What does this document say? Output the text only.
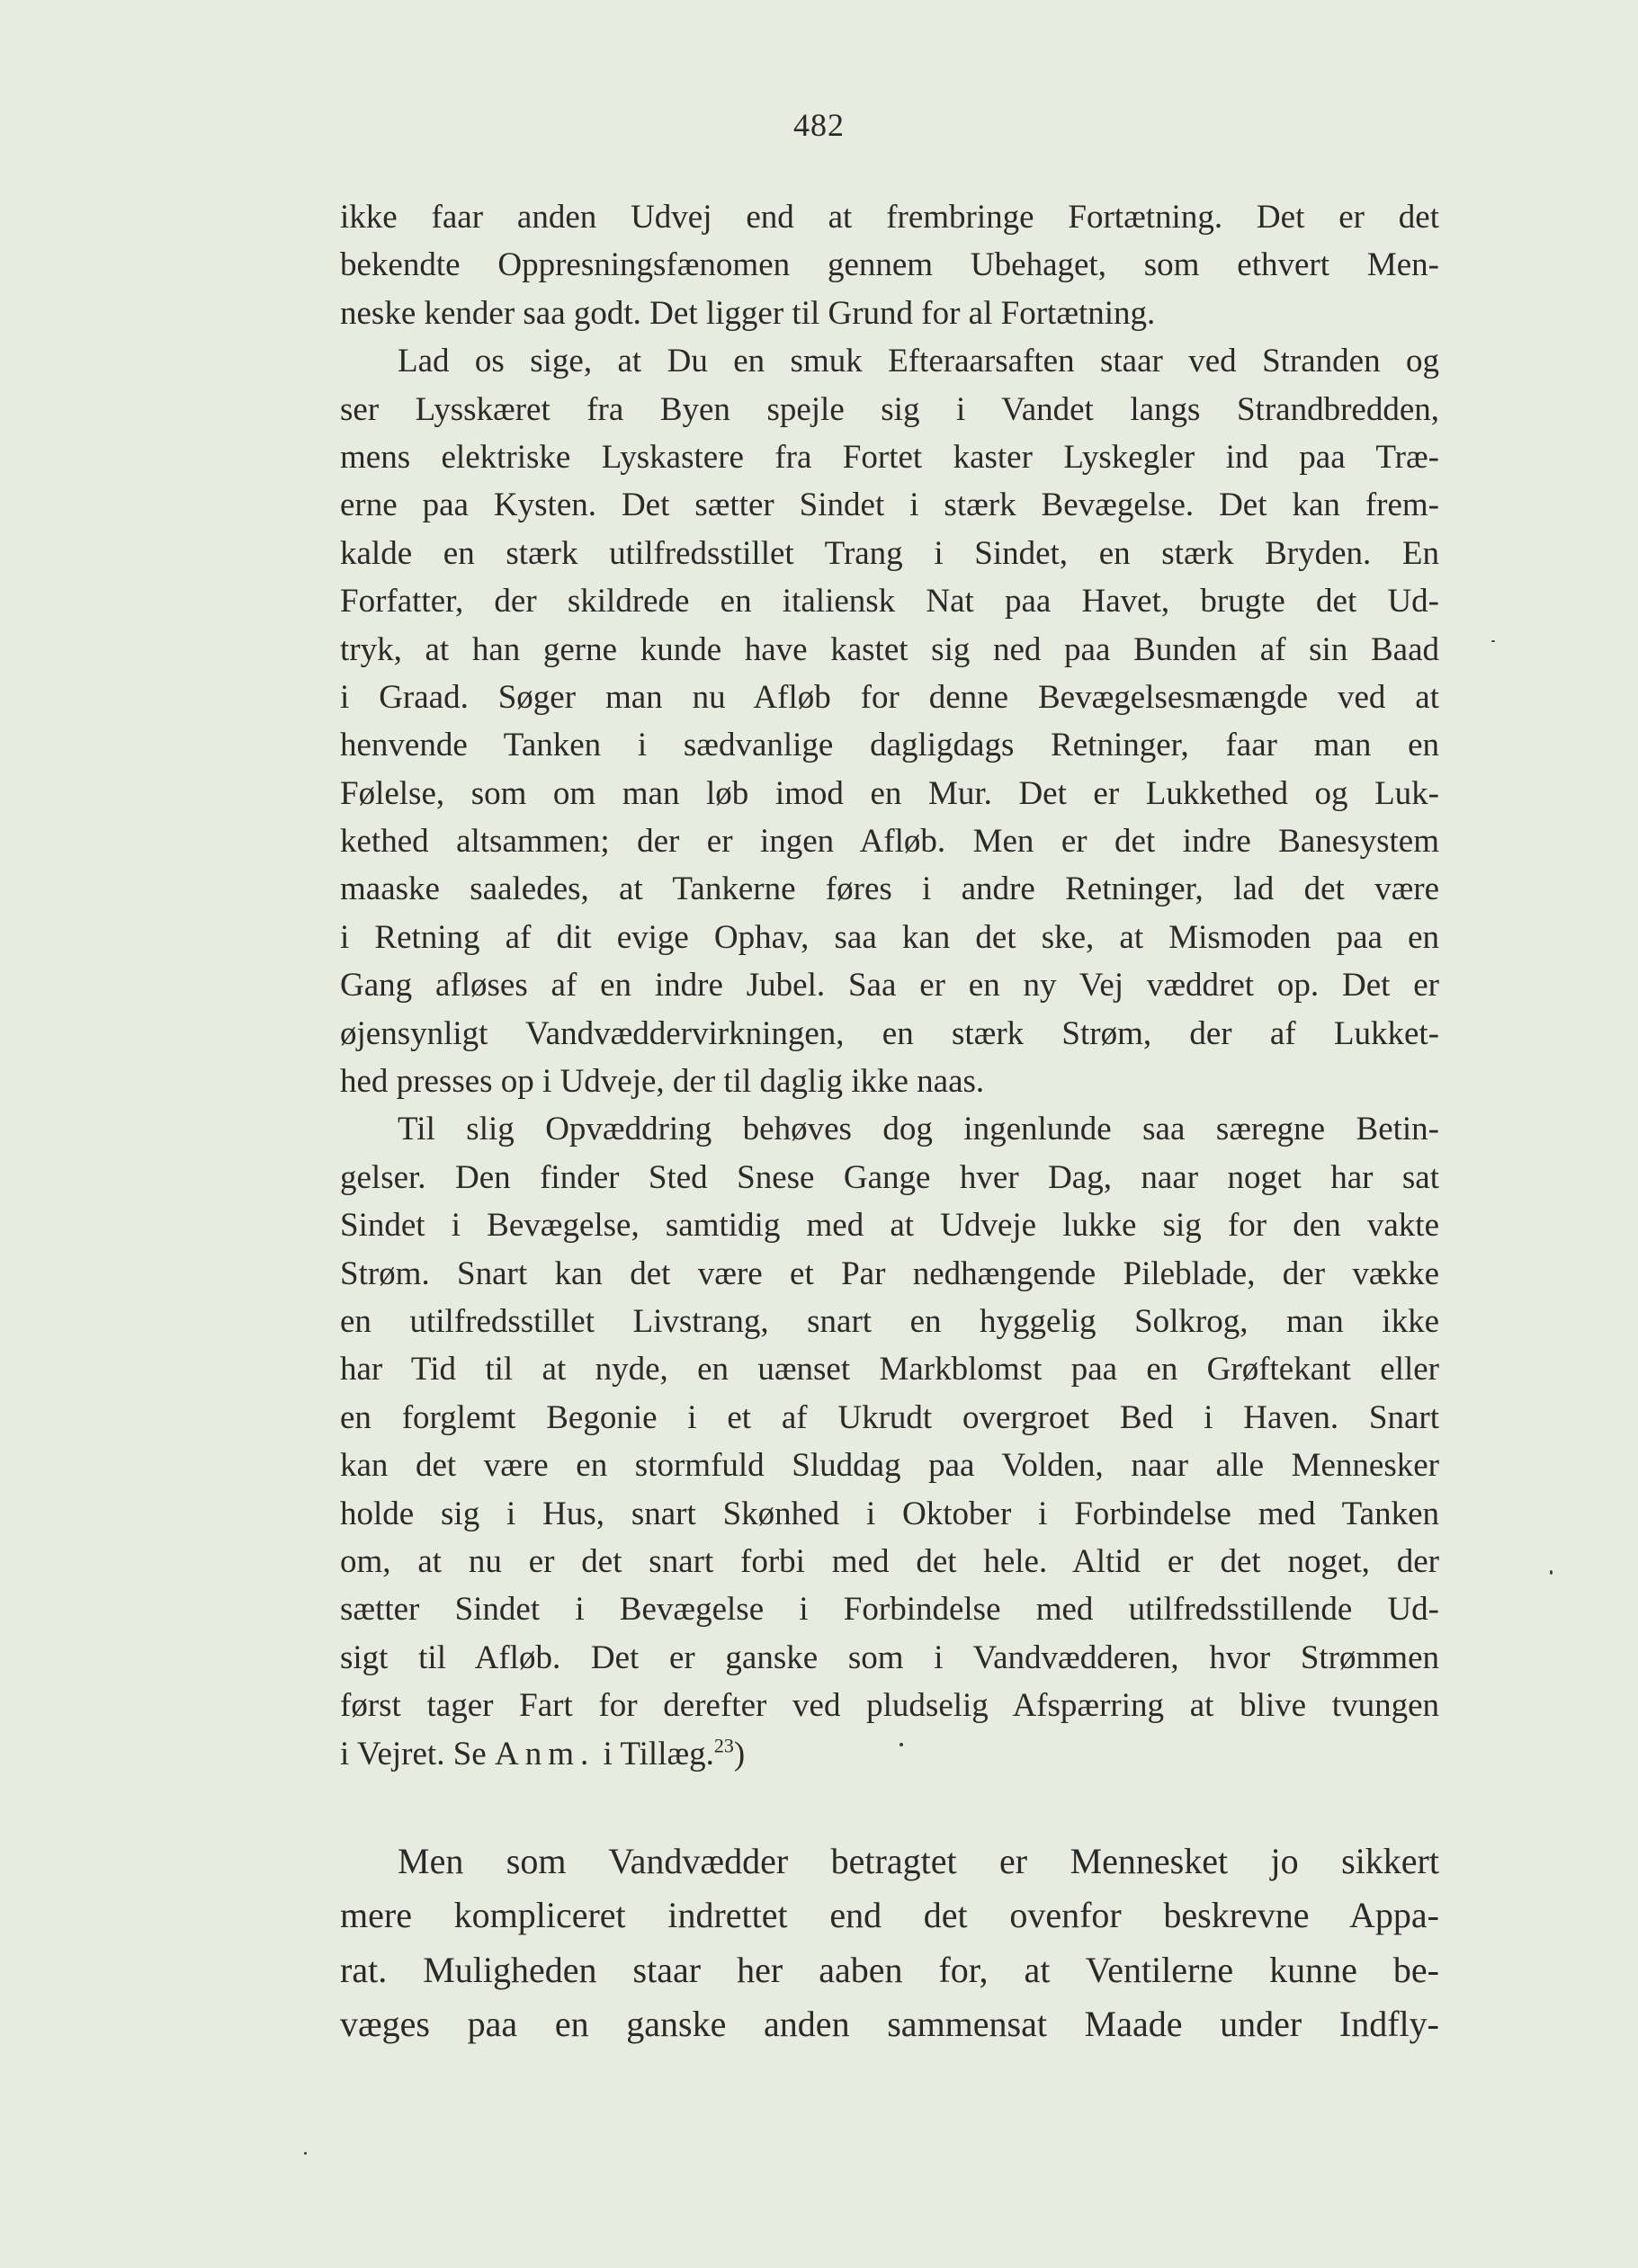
482
ikke faar anden Udvej end at frembringe Fortætning. Det er det
bekendte Oppresningsfænomen gennem Ubehaget, som ethvert Men-
neske kender saa godt. Det ligger til Grund for al Fortætning.
Lad os sige, at Du en smuk Efteraarsaften staar ved Stranden og
ser Lysskæret fra Byen spejle sig i Vandet langs Strandbredden,
mens elektriske Lyskastere fra Fortet kaster Lyskegler ind paa Træ-
erne paa Kysten. Det sætter Sindet i stærk Bevægelse. Det kan frem-
kalde en stærk utilfredsstillet Trang i Sindet, en stærk Bryden. En
Forfatter, der skildrede en italiensk Nat paa Havet, brugte det Ud-
tryk, at han gerne kunde have kastet sig ned paa Bunden af sin Baad
i Graad. Søger man nu Afløb for denne Bevægelsesmængde ved at
henvende Tanken i sædvanlige dagligdags Retninger, faar man en
Følelse, som om man løb imod en Mur. Det er Lukkethed og Luk-
kethed altsammen; der er ingen Afløb. Men er det indre Banesystem
maaske saaledes, at Tankerne føres i andre Retninger, lad det være
i Retning af dit evige Ophav, saa kan det ske, at Mismoden paa en
Gang afløses af en indre Jubel. Saa er en ny Vej væddret op. Det er
øjensynligt Vandvæddervirkningen, en stærk Strøm, der af Lukket-
hed presses op i Udveje, der til daglig ikke naas.
Til slig Opvæddring behøves dog ingenlunde saa særegne Betin-
gelser. Den finder Sted Snese Gange hver Dag, naar noget har sat
Sindet i Bevægelse, samtidig med at Udveje lukke sig for den vakte
Strøm. Snart kan det være et Par nedhængende Pileblade, der vække
en utilfredsstillet Livstrang, snart en hyggelig Solkrog, man ikke
har Tid til at nyde, en uænset Markblomst paa en Grøftekant eller
en forglemt Begonie i et af Ukrudt overgroet Bed i Haven. Snart
kan det være en stormfuld Sluddag paa Volden, naar alle Mennesker
holde sig i Hus, snart Skønhed i Oktober i Forbindelse med Tanken
om, at nu er det snart forbi med det hele. Altid er det noget, der
sætter Sindet i Bevægelse i Forbindelse med utilfredsstillende Ud-
sigt til Afløb. Det er ganske som i Vandvædderen, hvor Strømmen
først tager Fart for derefter ved pludselig Afspærring at blive tvungen
i Vejret. Se Anm. i Tillæg.$^{23}$)
Men som Vandvædder betragtet er Mennesket jo sikkert
mere kompliceret indrettet end det ovenfor beskrevne Appa-
rat. Muligheden staar her aaben for, at Ventilerne kunne be-
væges paa en ganske anden sammensat Maade under Indfly-
